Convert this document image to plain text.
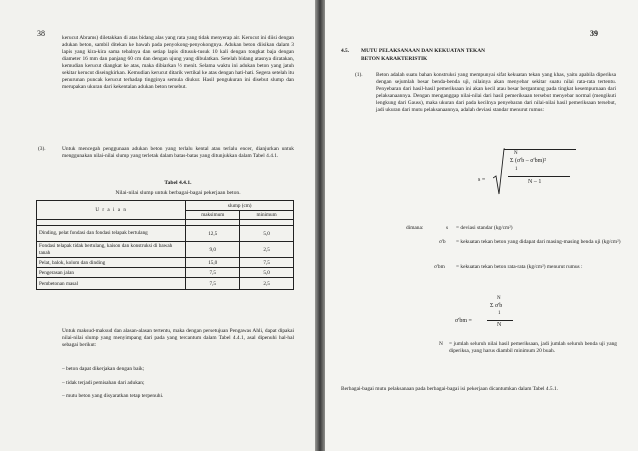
38	kerucut Abrams) diletakkan di atas bidang alas yang rata yang tidak menyerap air. Kerucut ini diisi dengan adukan beton, sambil ditekan ke bawah pada penyokong-penyokongnya. Adukan beton diisikan dalam 3 lapis yang kira-kira sama tebalnya dan setiap lapis ditusuk-tusuk 10 kali dengan tongkat baja dengan diameter 16 mm dan panjang 60 cm dan dengan ujung yang dibulatkan. Setelah bidang atasnya diratakan, kemudian kerucut diangkat ke atas, maka dibiarkan ½ menit. Selama waktu ini adukan beton yang jatuh sekitar kerucut diseingkirkan. Kemudian kerucut ditarik vertikal ke atas dengan hati-hati. Segera setelah itu penurunan puncak kerucut terhadap tingginya semula diukur. Hasil pengukuran ini disebut slump dan merupakan ukuran dari kekentalan adukan beton tersebut.
(3).	Untuk mencegah penggunaan adukan beton yang terlalu kental atau terlalu encer, dianjurkan untuk menggunakan nilai-nilai slump yang terletak dalam batas-batas yang ditunjukkan dalam Tabel 4.4.1.
Tabel 4.4.1.
Nilai-nilai slump untuk berbagai-bagai pekerjaan beton.
U r a i a n	slump (cm)	
	maksimum	minimum

Dinding, pelat fondasi dan fondasi telapak bertulang	12,5	5,0
Fondasi telapak tidak bertulang, kaison dan konstruksi di bawah tanah	9,0	2,5
Pelat, balok, kolom dan dinding	15,0	7,5
Pengerasan jalan	7,5	5,0
Pembetonan masal	7,5	2,5
Untuk maksud-maksud dan alasan-alasan tertentu, maka dengan persetujuan Pengawas Ahli, dapat dipakai nilai-nilai slump yang menyimpang dari pada yang tercantum dalam Tabel 4.4.1, asal dipenuhi hal-hal sebagai berikut:
– beton dapat dikerjakan dengan baik;
– tidak terjadi pemisahan dari adukan;
– mutu beton yang disyaratkan tetap terpenuhi.
39
4.5. MUTU PELAKSANAAN DAN KEKUATAN TEKAN
BETON KARAKTERISTIK
(1). Beton adalah suatu bahan konstruksi yang mempunyai sifat kekuatan tekan yang khas, yaitu apabila diperiksa dengan sejumlah besar benda-benda uji, nilainya akan menyebar sekitar suatu nilai rata-rata tertentu. Penyebaran dari hasil-hasil pemeriksaan ini akan kecil atau besar bergantung pada tingkat kesempurnaan dari pelaksanaannya. Dengan menganggap nilai-nilai dari hasil pemeriksaan tersebut menyebar normal (mengikuti lengkung dari Gauss), maka ukuran dari pada kecilnya penyebaran dari nilai-nilai hasil pemeriksaan tersebut, jadi ukuran dari mutu pelaksanaannya, adalah deviasi standar menurut rumus:
s =
N
Σ (σ'b – σ'bm)²
1
N – 1
dimana:	s = deviasi standar (kg/cm²)
σ'b = kekuatan tekan beton yang didapat dari masing-masing benda uji (kg/cm²)
σ'bm = kekuatan tekan beton rata-rata (kg/cm²) menurut rumus :
σ'bm =
N
Σ σ'b
1
N
N = jumlah seluruh nilai hasil pemeriksaan, jadi jumlah seluruh benda uji yang diperiksa, yang harus diambil minimum 20 buah.
Berbagai-bagai mutu pelaksanaan pada berbagai-bagai isi pekerjaan dicantumkan dalam Tabel 4.5.1.
